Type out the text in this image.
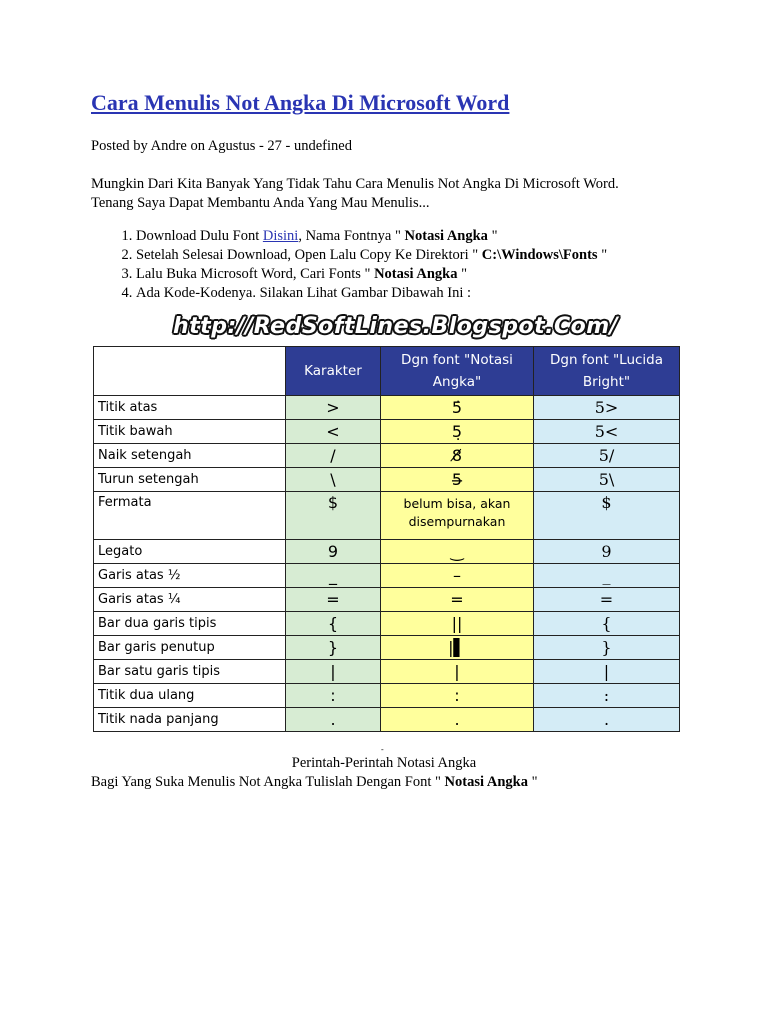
Cara Menulis Not Angka Di Microsoft Word
Posted by Andre on Agustus - 27 - undefined
Mungkin Dari Kita Banyak Yang Tidak Tahu Cara Menulis Not Angka Di Microsoft Word.
Tenang Saya Dapat Membantu Anda Yang Mau Menulis...
1. Download Dulu Font Disini, Nama Fontnya " Notasi Angka "
2. Setelah Selesai Download, Open Lalu Copy Ke Direktori " C:\Windows\Fonts "
3. Lalu Buka Microsoft Word, Cari Fonts " Notasi Angka "
4. Ada Kode-Kodenya. Silakan Lihat Gambar Dibawah Ini :
http://RedSoftLines.Blogspot.Com/
	Karakter	Dgn font "Notasi Angka"	Dgn font "Lucida Bright"
Titik atas	>	5̇	5>
Titik bawah	<	5̣	5<
Naik setengah	/	8̸	5/
Turun setengah	\	5̶	5\
Fermata	$	belum bisa, akan disempurnakan	$
Legato	9	‿	9
Garis atas ½	_	–	_
Garis atas ¼	=	=	=
Bar dua garis tipis	{	||	{
Bar garis penutup	}	|▌	}
Bar satu garis tipis	|	|	|
Titik dua ulang	:	:	:
Titik nada panjang	.	.	.
-
Perintah-Perintah Notasi Angka
Bagi Yang Suka Menulis Not Angka Tulislah Dengan Font " Notasi Angka "
